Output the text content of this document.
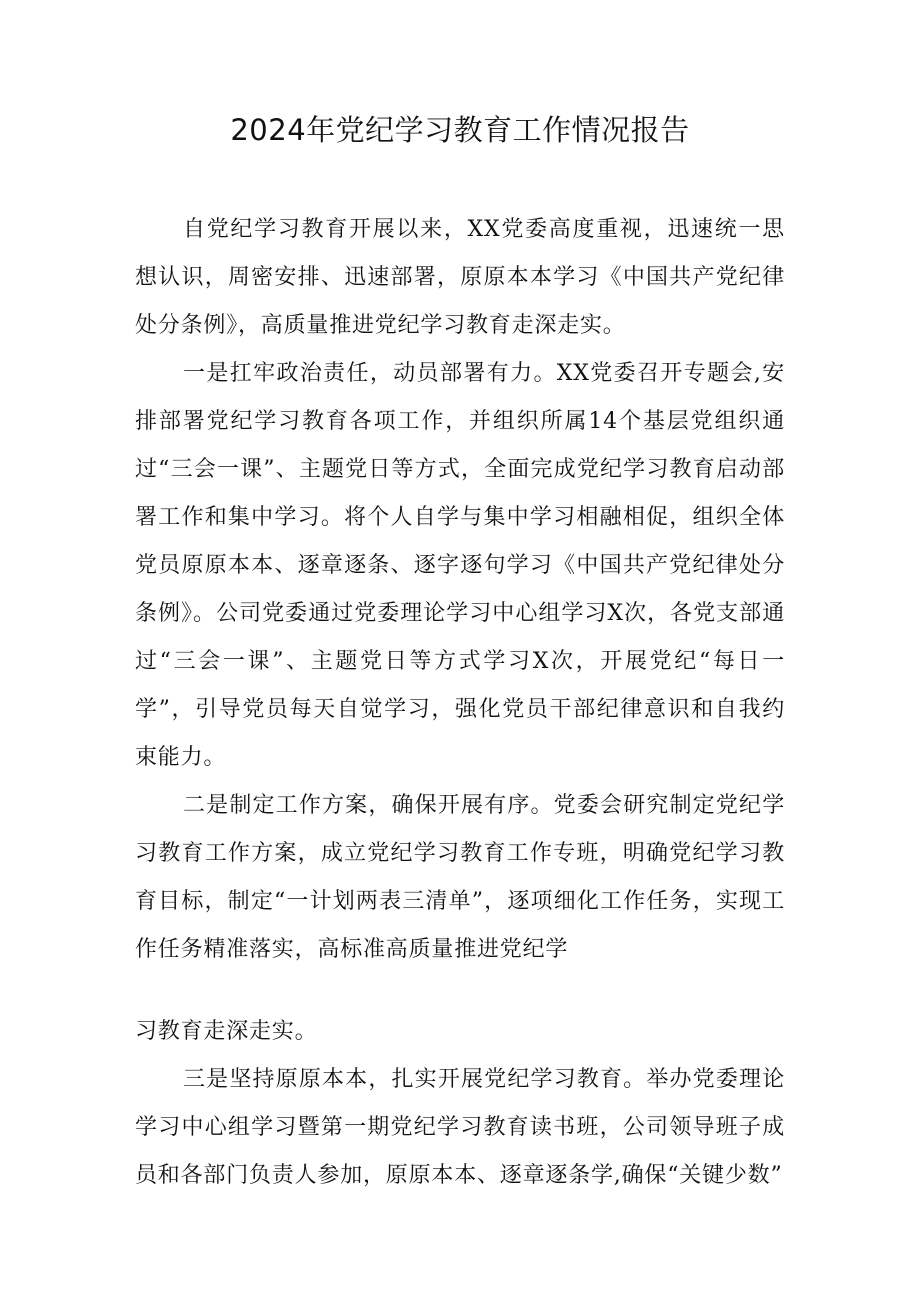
2024年党纪学习教育工作情况报告

自党纪学习教育开展以来，XX党委高度重视，迅速统一思想认识，周密安排、迅速部署，原原本本学习《中国共产党纪律处分条例》，高质量推进党纪学习教育走深走实。

一是扛牢政治责任，动员部署有力。XX党委召开专题会,安排部署党纪学习教育各项工作，并组织所属14个基层党组织通过“三会一课”、主题党日等方式，全面完成党纪学习教育启动部署工作和集中学习。将个人自学与集中学习相融相促，组织全体党员原原本本、逐章逐条、逐字逐句学习《中国共产党纪律处分条例》。公司党委通过党委理论学习中心组学习X次，各党支部通过“三会一课”、主题党日等方式学习X次，开展党纪“每日一学”，引导党员每天自觉学习，强化党员干部纪律意识和自我约束能力。

二是制定工作方案，确保开展有序。党委会研究制定党纪学习教育工作方案，成立党纪学习教育工作专班，明确党纪学习教育目标，制定“一计划两表三清单”，逐项细化工作任务，实现工作任务精准落实，高标准高质量推进党纪学

习教育走深走实。

三是坚持原原本本，扎实开展党纪学习教育。举办党委理论学习中心组学习暨第一期党纪学习教育读书班，公司领导班子成员和各部门负责人参加，原原本本、逐章逐条学,确保“关键少数”
